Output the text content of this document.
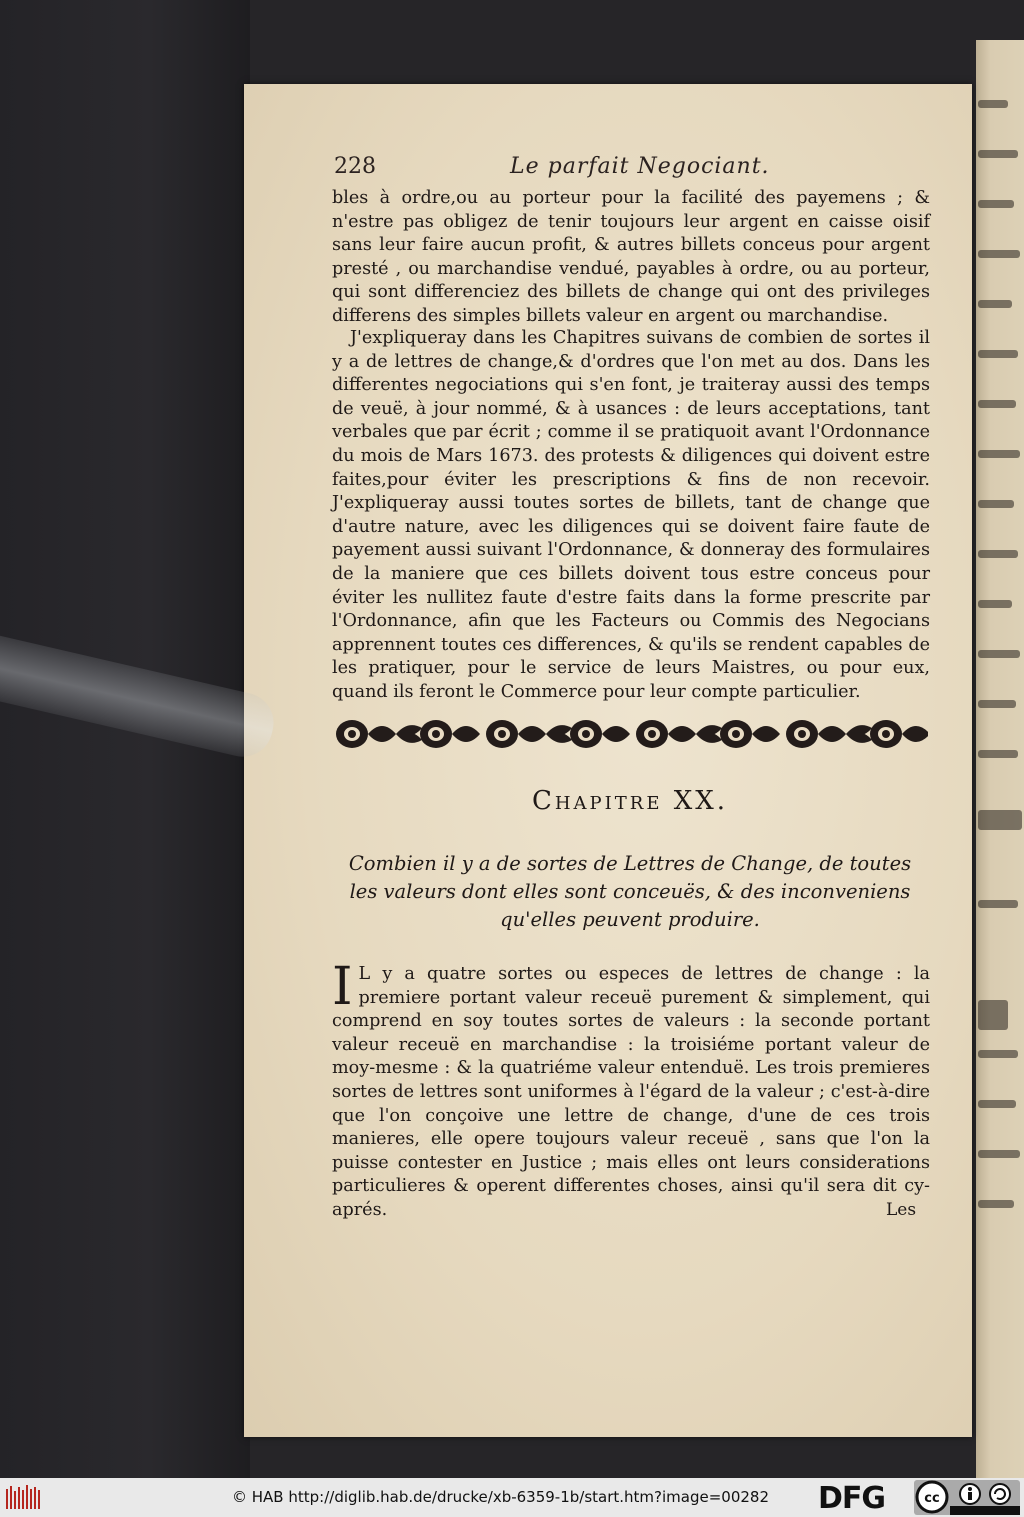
228	Le parfait Negociant.

bles à ordre,ou au porteur pour la facilité des payemens ; & n'estre pas obligez de tenir toujours leur argent en caisse oisif sans leur faire aucun profit, & autres billets conceus pour argent presté , ou marchandise vendué, payables à ordre, ou au porteur, qui sont differenciez des billets de change qui ont des privileges differens des simples billets valeur en argent ou marchandise.

J'expliqueray dans les Chapitres suivans de combien de sortes il y a de lettres de change,& d'ordres que l'on met au dos. Dans les differentes negociations qui s'en font, je traiteray aussi des temps de veuë, à jour nommé, & à usances : de leurs acceptations, tant verbales que par écrit ; comme il se pratiquoit avant l'Ordonnance du mois de Mars 1673. des protests & diligences qui doivent estre faites,pour éviter les prescriptions & fins de non recevoir. J'expliqueray aussi toutes sortes de billets, tant de change que d'autre nature, avec les diligences qui se doivent faire faute de payement aussi suivant l'Ordonnance, & donneray des formulaires de la maniere que ces billets doivent tous estre conceus pour éviter les nullitez faute d'estre faits dans la forme prescrite par l'Ordonnance, afin que les Facteurs ou Commis des Negocians apprennent toutes ces differences, & qu'ils se rendent capables de les pratiquer, pour le service de leurs Maistres, ou pour eux, quand ils feront le Commerce pour leur compte particulier.

Chapitre XX.
Combien il y a de sortes de Lettres de Change, de toutes les valeurs dont elles sont conceuës, & des inconveniens qu'elles peuvent produire.
I L y a quatre sortes ou especes de lettres de change : la premiere portant valeur receuë purement & simplement, qui comprend en soy toutes sortes de valeurs : la seconde portant valeur receuë en marchandise : la troisiéme portant valeur de moy-mesme : & la quatriéme valeur entenduë. Les trois premieres sortes de lettres sont uniformes à l'égard de la valeur ; c'est-à-dire que l'on conçoive une lettre de change, d'une de ces trois manieres, elle opere toujours valeur receuë , sans que l'on la puisse contester en Justice ; mais elles ont leurs considerations particulieres & operent differentes choses, ainsi qu'il sera dit cy-aprés.	Les
© HAB http://diglib.hab.de/drucke/xb-6359-1b/start.htm?image=00282 DFG	cc
